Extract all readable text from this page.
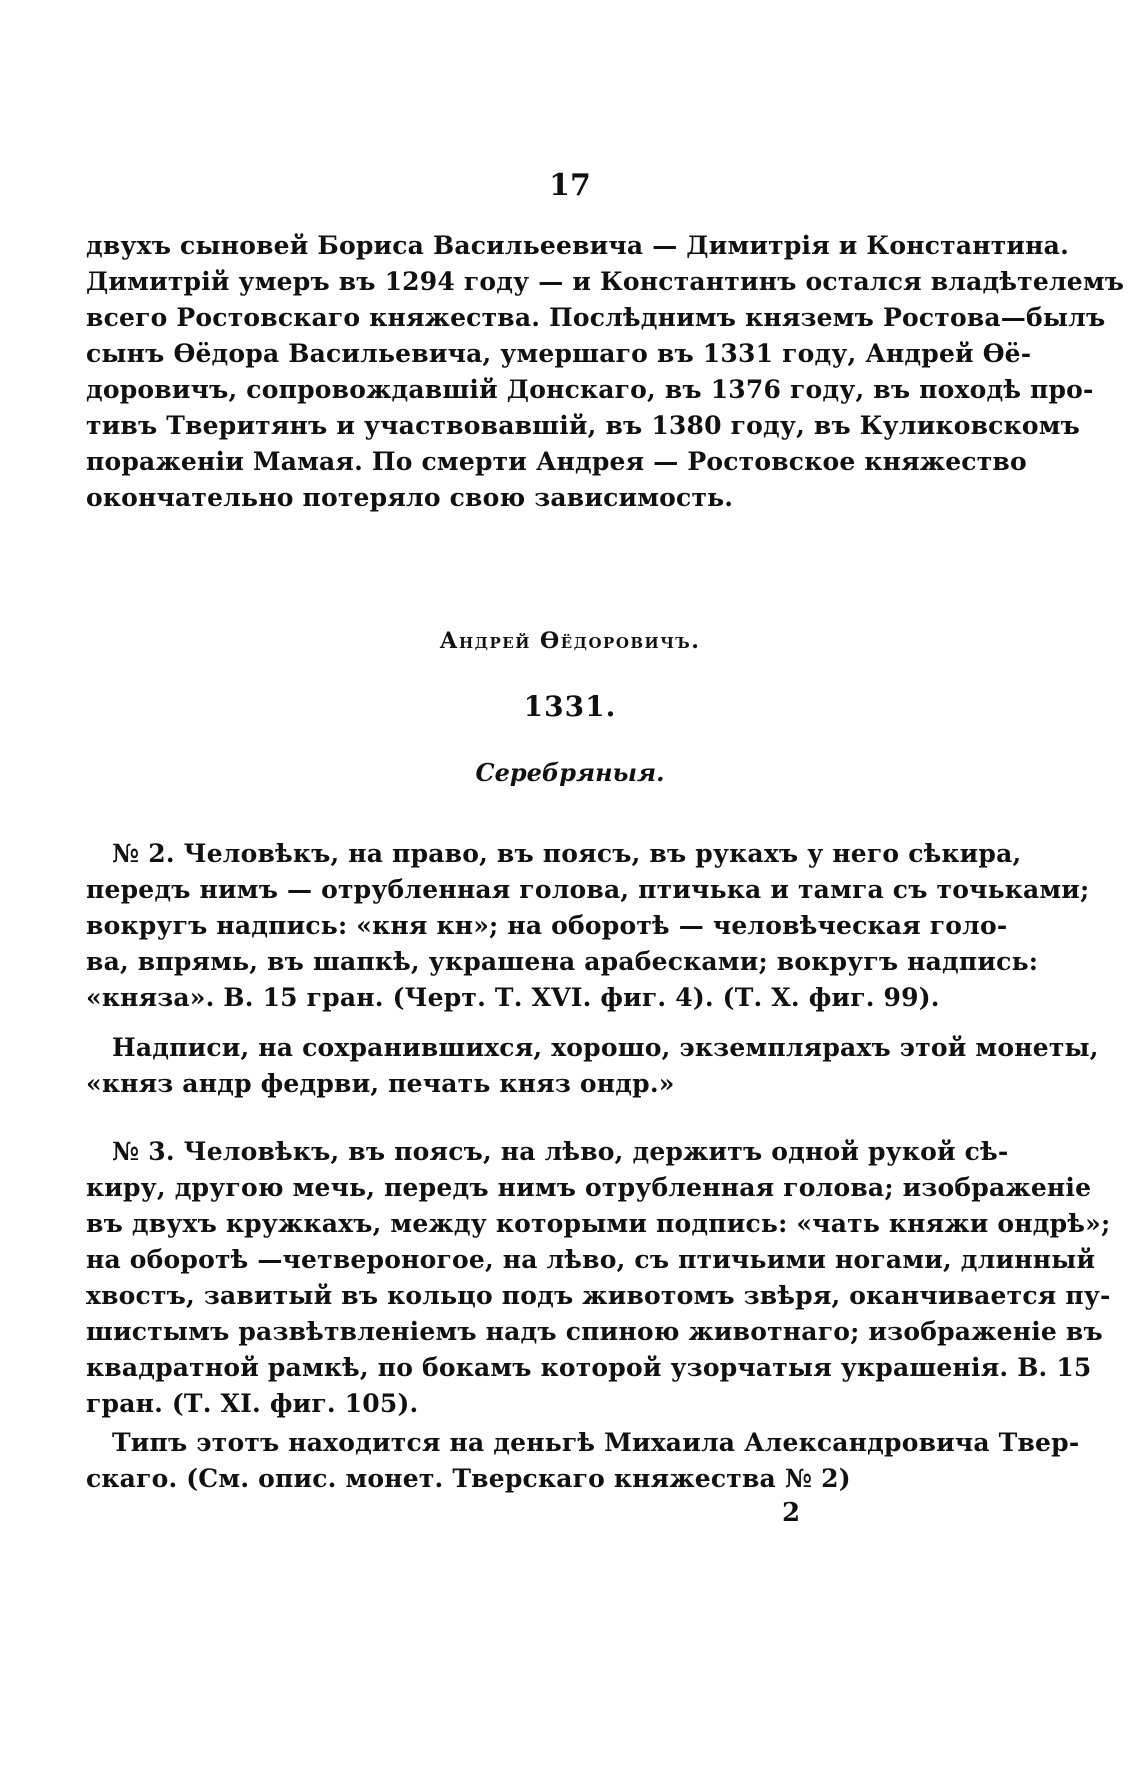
17
двухъ сыновей Бориса Васильеевича — Димитрія и Константина.
Димитрій умеръ въ 1294 году — и Константинъ остался владѣтелемъ
всего Ростовскаго княжества. Послѣднимъ княземъ Ростова—былъ
сынъ Өёдора Васильевича, умершаго въ 1331 году, Андрей Өё-
доровичъ, сопровождавшій Донскаго, въ 1376 году, въ походѣ про-
тивъ Тверитянъ и участвовавшій, въ 1380 году, въ Куликовскомъ
пораженіи Мамая. По смерти Андрея — Ростовское княжество
окончательно потеряло свою зависимость.
Андрей Өёдоровичъ.
1331.
Серебряныя.
№ 2. Человѣкъ, на право, въ поясъ, въ рукахъ у него сѣкира,
передъ нимъ — отрубленная голова, птичька и тамга съ точьками;
вокругъ надпись: «кня кн»; на оборотѣ — человѣческая голо-
ва, впрямь, въ шапкѣ, украшена арабесками; вокругъ надпись:
«княза». В. 15 гран. (Черт. Т. XVI. фиг. 4). (Т. X. фиг. 99).
Надписи, на сохранившихся, хорошо, экземплярахъ этой монеты,
«княз андр федрви, печать княз ондр.»
№ 3. Человѣкъ, въ поясъ, на лѣво, держитъ одной рукой сѣ-
киру, другою мечь, передъ нимъ отрубленная голова; изображеніе
въ двухъ кружкахъ, между которыми подпись: «чать княжи ондрѣ»;
на оборотѣ —четвероногое, на лѣво, съ птичьими ногами, длинный
хвостъ, завитый въ кольцо подъ животомъ звѣря, оканчивается пу-
шистымъ развѣтвленіемъ надъ спиною животнаго; изображеніе въ
квадратной рамкѣ, по бокамъ которой узорчатыя украшенія. В. 15
гран. (Т. XI. фиг. 105).
Типъ этотъ находится на деньгѣ Михаила Александровича Твер-
скаго. (См. опис. монет. Тверскаго княжества № 2)
2
